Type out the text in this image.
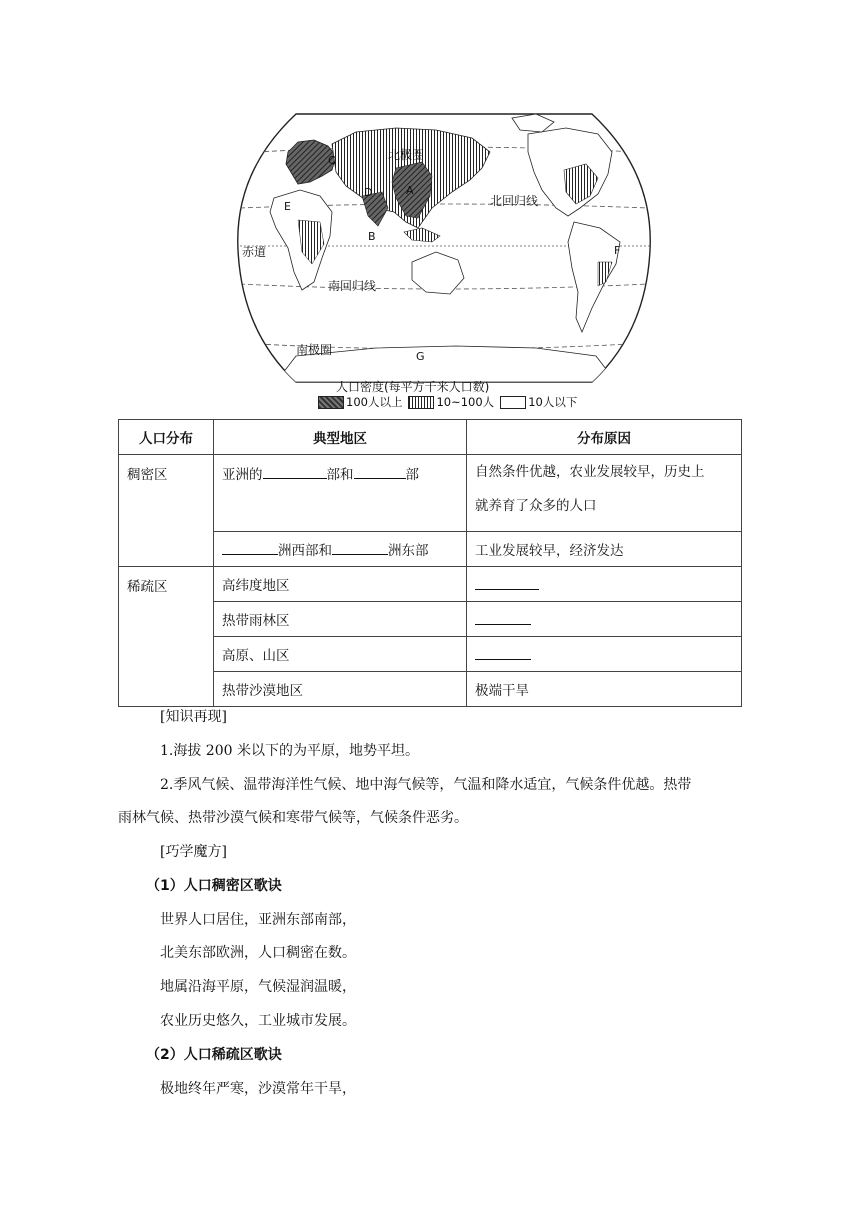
北极圈
北回归线
赤道
南回归线
南极圈
A
B
C
D
E
F
G
人口密度(每平方千米人口数)
100人以上	10~100人	10人以下
人口分布	典型地区	分布原因
稠密区	亚洲的 部和 部	自然条件优越，农业发展较早，历史上
就养育了众多的人口

	洲西部和 洲东部	工业发展较早，经济发达
稀疏区	高纬度地区	
	热带雨林区	
	高原、山区	
	热带沙漠地区	极端干旱

[知识再现]

1.海拔 200 米以下的为平原，地势平坦。

2.季风气候、温带海洋性气候、地中海气候等，气温和降水适宜，气候条件优越。热带

雨林气候、热带沙漠气候和寒带气候等，气候条件恶劣。

[巧学魔方]

（1）人口稠密区歌诀

世界人口居住，亚洲东部南部，

北美东部欧洲，人口稠密在数。

地属沿海平原，气候湿润温暖，

农业历史悠久，工业城市发展。

（2）人口稀疏区歌诀

极地终年严寒，沙漠常年干旱，
